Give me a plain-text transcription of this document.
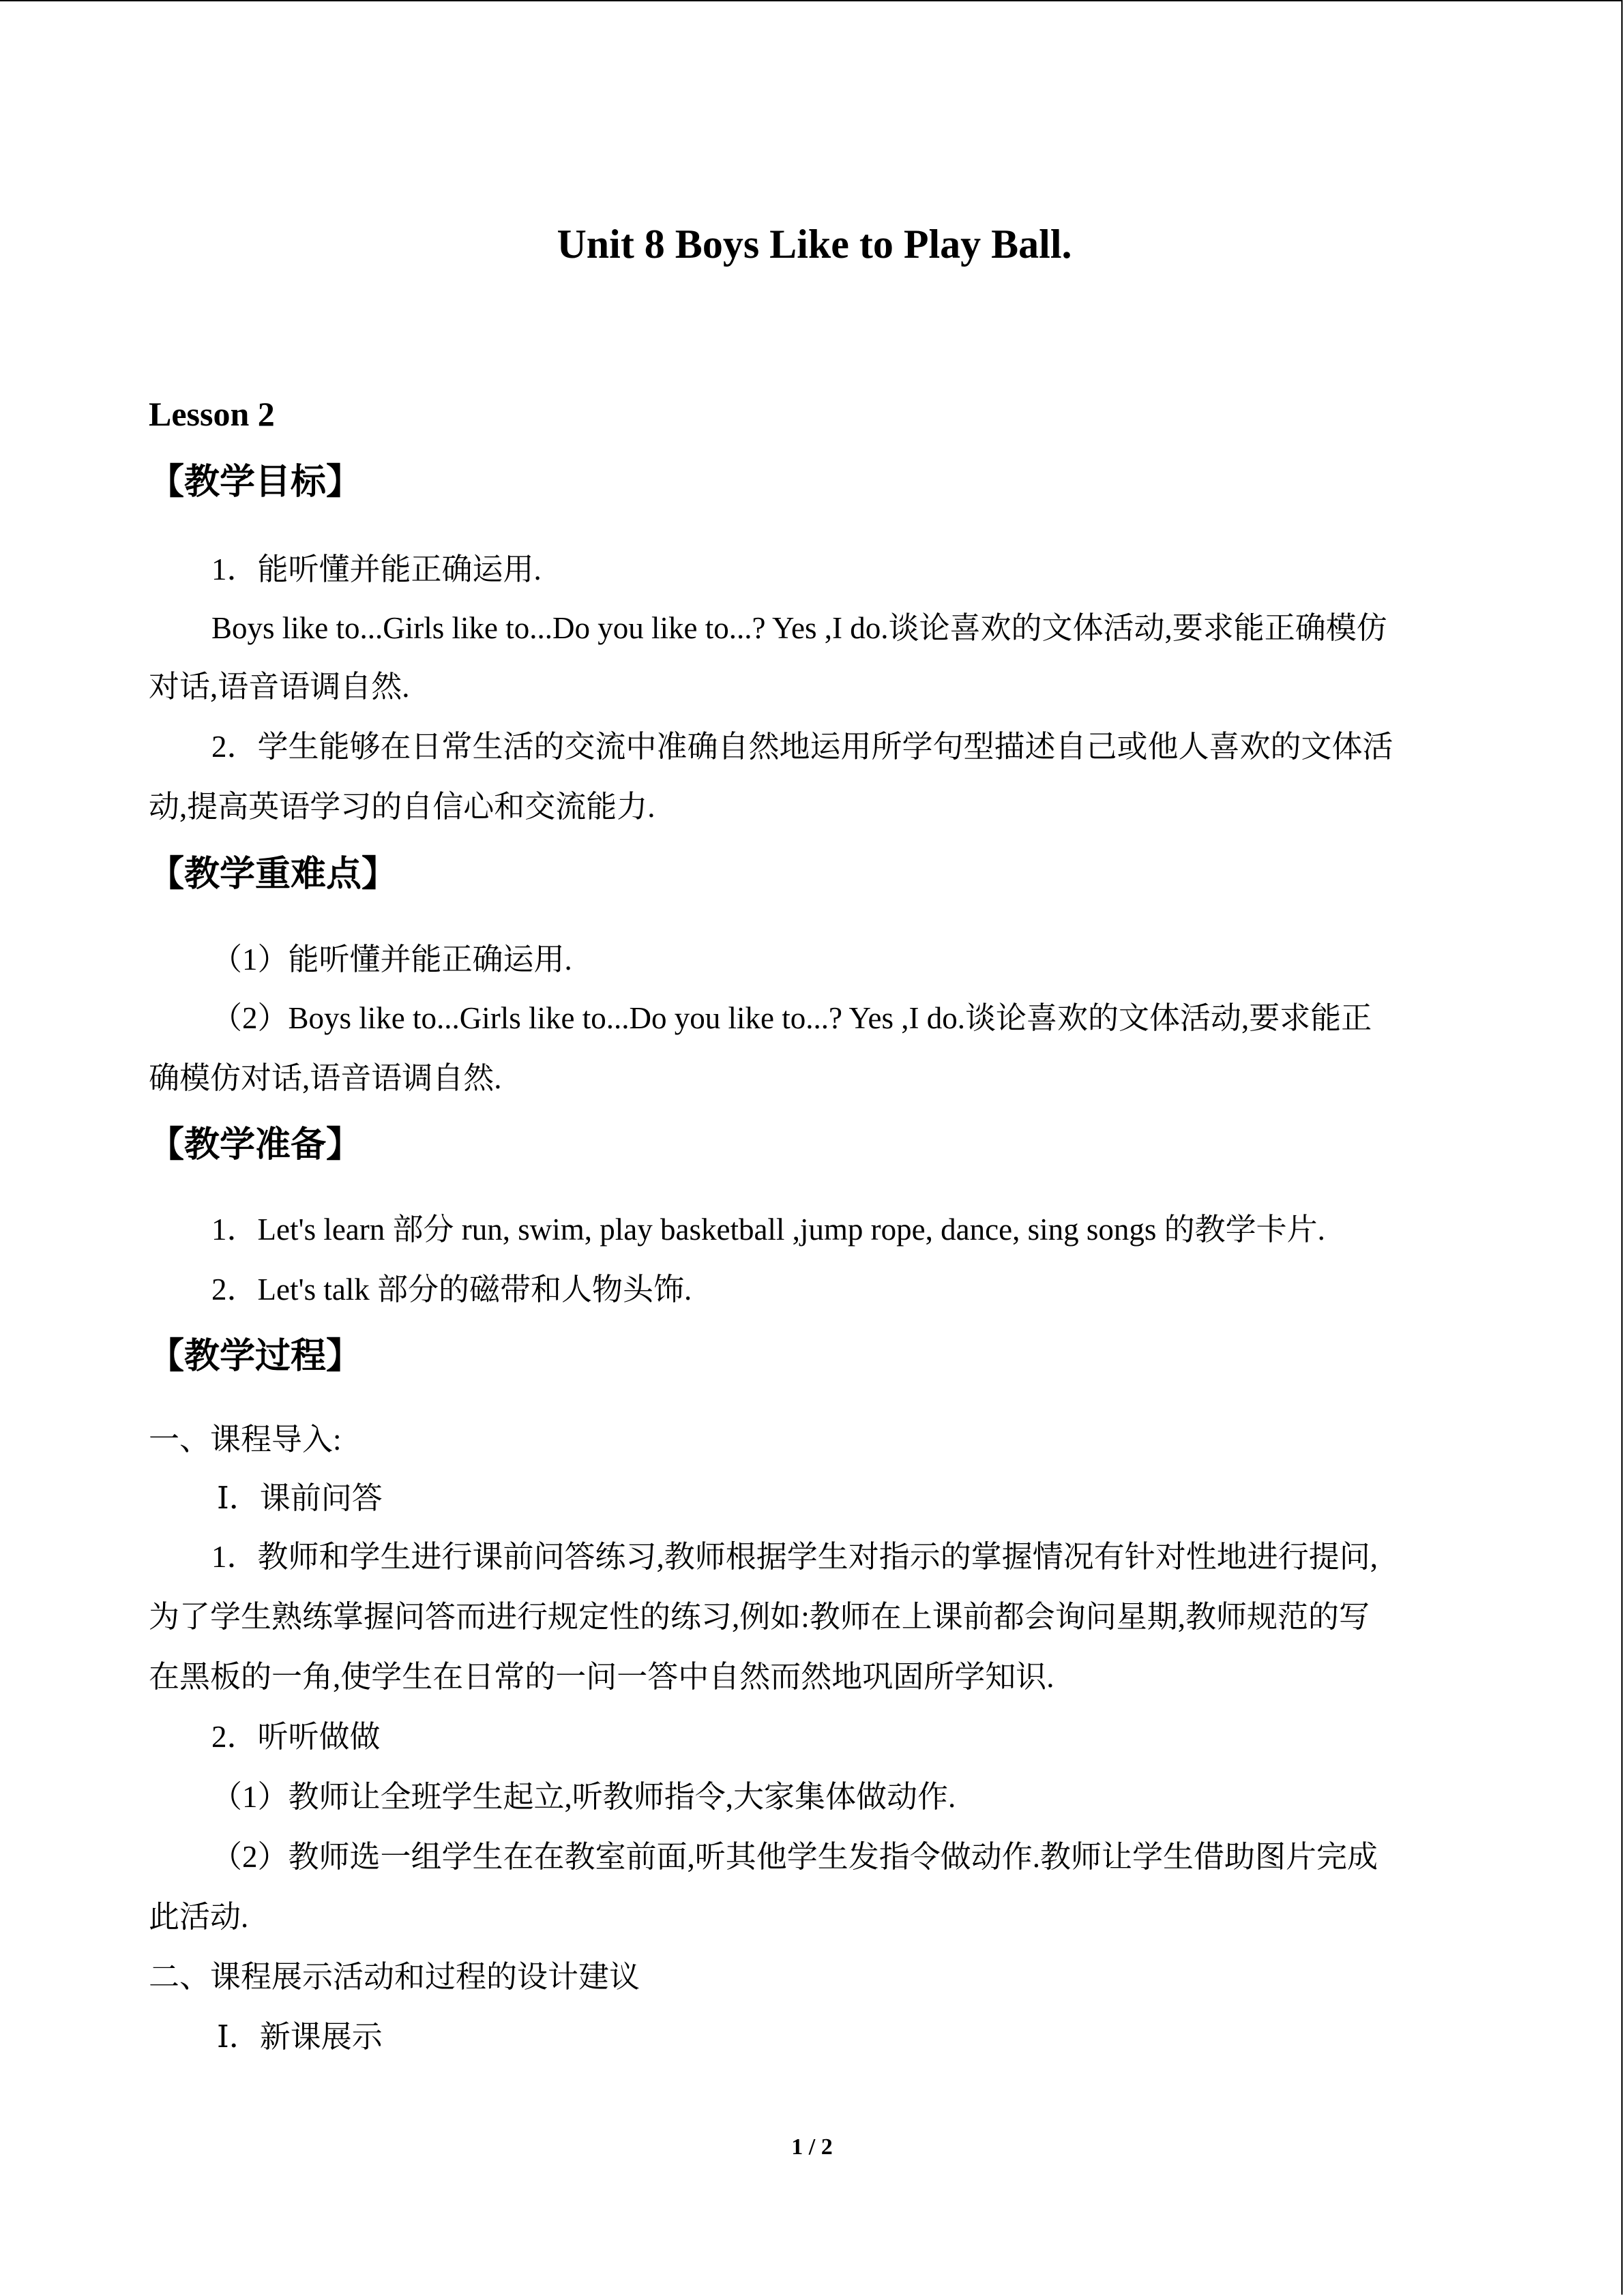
Unit 8 Boys Like to Play Ball.
Lesson 2
【教学目标】
1．能听懂并能正确运用.
Boys like to...Girls like to...Do you like to...? Yes ,I do.谈论喜欢的文体活动,要求能正确模仿
对话,语音语调自然.
2．学生能够在日常生活的交流中准确自然地运用所学句型描述自己或他人喜欢的文体活
动,提高英语学习的自信心和交流能力.
【教学重难点】
（1）能听懂并能正确运用.
（2）Boys like to...Girls like to...Do you like to...? Yes ,I do.谈论喜欢的文体活动,要求能正
确模仿对话,语音语调自然.
【教学准备】
1．Let's learn 部分 run, swim, play basketball ,jump rope, dance, sing songs 的教学卡片.
2．Let's talk 部分的磁带和人物头饰.
【教学过程】
一、课程导入:
Ⅰ．课前问答
1．教师和学生进行课前问答练习,教师根据学生对指示的掌握情况有针对性地进行提问,
为了学生熟练掌握问答而进行规定性的练习,例如:教师在上课前都会询问星期,教师规范的写
在黑板的一角,使学生在日常的一问一答中自然而然地巩固所学知识.
2．听听做做
（1）教师让全班学生起立,听教师指令,大家集体做动作.
（2）教师选一组学生在在教室前面,听其他学生发指令做动作.教师让学生借助图片完成
此活动.
二、课程展示活动和过程的设计建议
Ⅰ．新课展示
1 / 2
